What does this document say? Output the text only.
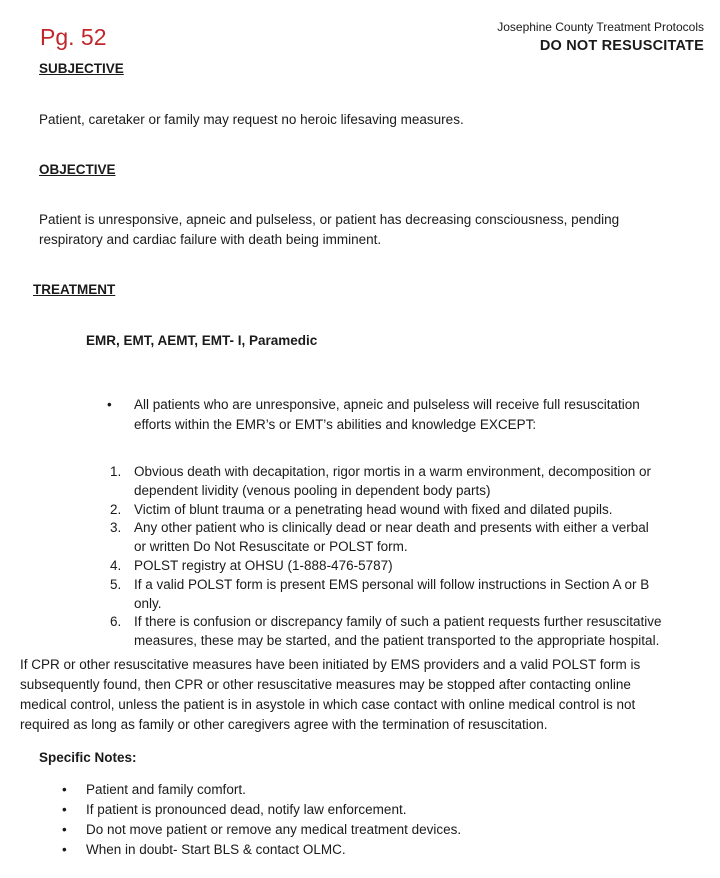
Pg. 52	Josephine County Treatment Protocols
DO NOT RESUSCITATE
SUBJECTIVE
Patient, caretaker or family may request no heroic lifesaving measures.
OBJECTIVE
Patient is unresponsive, apneic and pulseless, or patient has decreasing consciousness, pending
respiratory and cardiac failure with death being imminent.
TREATMENT
EMR, EMT, AEMT, EMT- I, Paramedic
•	All patients who are unresponsive, apneic and pulseless will receive full resuscitation
efforts within the EMR’s or EMT’s abilities and knowledge EXCEPT:
1. Obvious death with decapitation, rigor mortis in a warm environment, decomposition or
dependent lividity (venous pooling in dependent body parts)
2. Victim of blunt trauma or a penetrating head wound with fixed and dilated pupils.
3. Any other patient who is clinically dead or near death and presents with either a verbal
or written Do Not Resuscitate or POLST form.
4. POLST registry at OHSU (1-888-476-5787)
5. If a valid POLST form is present EMS personal will follow instructions in Section A or B
only.
6. If there is confusion or discrepancy family of such a patient requests further resuscitative
measures, these may be started, and the patient transported to the appropriate hospital.
If CPR or other resuscitative measures have been initiated by EMS providers and a valid POLST form is
subsequently found, then CPR or other resuscitative measures may be stopped after contacting online
medical control, unless the patient is in asystole in which case contact with online medical control is not
required as long as family or other caregivers agree with the termination of resuscitation.
Specific Notes:
•	Patient and family comfort.
•	If patient is pronounced dead, notify law enforcement.
•	Do not move patient or remove any medical treatment devices.
•	When in doubt- Start BLS & contact OLMC.
